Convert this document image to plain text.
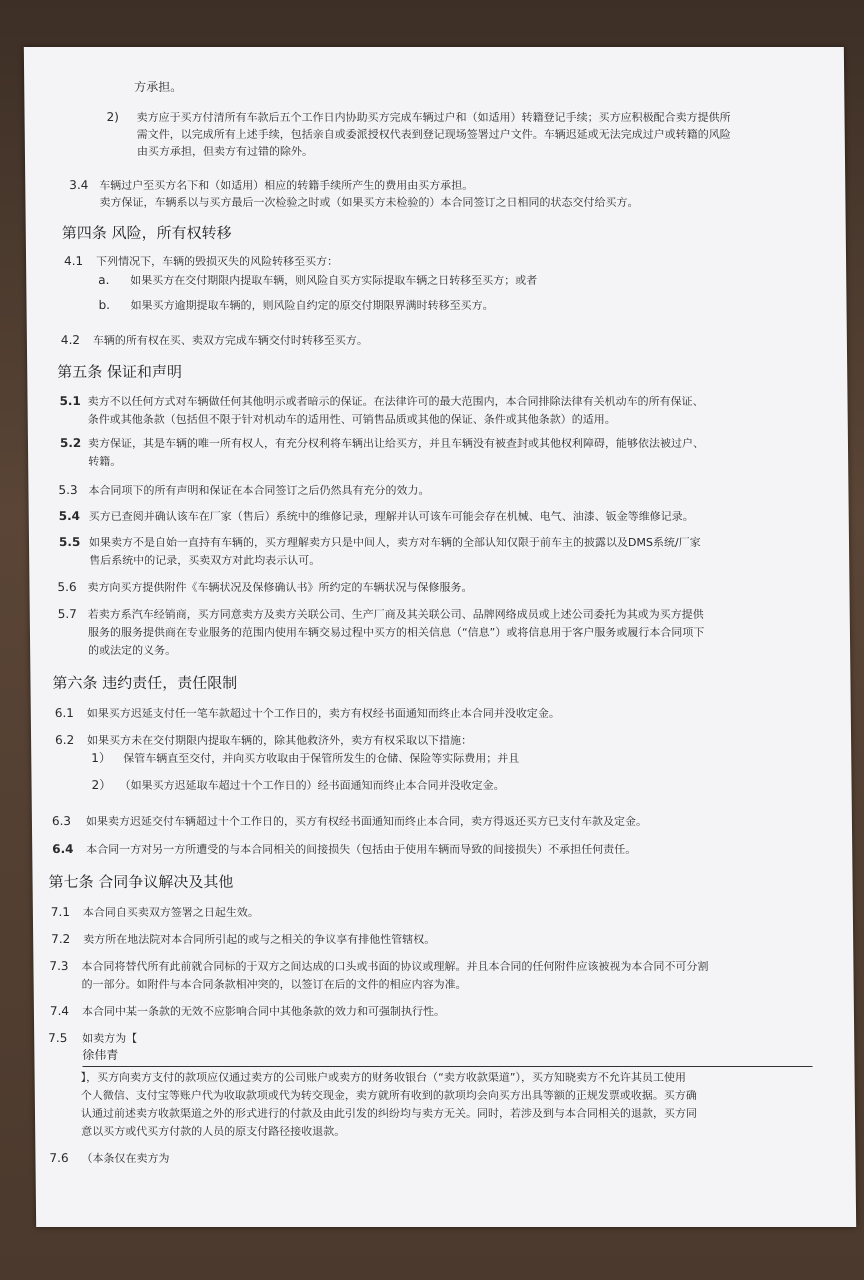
方承担。
2) 卖方应于买方付清所有车款后五个工作日内协助买方完成车辆过户和（如适用）转籍登记手续；买方应积极配合卖方提供所
需文件，以完成所有上述手续，包括亲自或委派授权代表到登记现场签署过户文件。车辆迟延或无法完成过户或转籍的风险
由买方承担，但卖方有过错的除外。
3.4 车辆过户至买方名下和（如适用）相应的转籍手续所产生的费用由买方承担。
卖方保证，车辆系以与买方最后一次检验之时或（如果买方未检验的）本合同签订之日相同的状态交付给买方。
第四条 风险，所有权转移
4.1 下列情况下，车辆的毁损灭失的风险转移至买方：
a. 如果买方在交付期限内提取车辆，则风险自买方实际提取车辆之日转移至买方；或者
b. 如果买方逾期提取车辆的，则风险自约定的原交付期限界满时转移至买方。
4.2 车辆的所有权在买、卖双方完成车辆交付时转移至买方。
第五条 保证和声明
5.1 卖方不以任何方式对车辆做任何其他明示或者暗示的保证。在法律许可的最大范围内，本合同排除法律有关机动车的所有保证、
条件或其他条款（包括但不限于针对机动车的适用性、可销售品质或其他的保证、条件或其他条款）的适用。
5.2 卖方保证，其是车辆的唯一所有权人，有充分权利将车辆出让给买方，并且车辆没有被查封或其他权利障碍，能够依法被过户、
转籍。
5.3 本合同项下的所有声明和保证在本合同签订之后仍然具有充分的效力。
5.4 买方已查阅并确认该车在厂家（售后）系统中的维修记录，理解并认可该车可能会存在机械、电气、油漆、钣金等维修记录。
5.5 如果卖方不是自始一直持有车辆的，买方理解卖方只是中间人，卖方对车辆的全部认知仅限于前车主的披露以及DMS系统/厂家
售后系统中的记录，买卖双方对此均表示认可。
5.6 卖方向买方提供附件《车辆状况及保修确认书》所约定的车辆状况与保修服务。
5.7 若卖方系汽车经销商，买方同意卖方及卖方关联公司、生产厂商及其关联公司、品牌网络成员或上述公司委托为其或为买方提供
服务的服务提供商在专业服务的范围内使用车辆交易过程中买方的相关信息（“信息”）或将信息用于客户服务或履行本合同项下
的或法定的义务。
第六条 违约责任，责任限制
6.1 如果买方迟延支付任一笔车款超过十个工作日的，卖方有权经书面通知而终止本合同并没收定金。
6.2 如果买方未在交付期限内提取车辆的，除其他救济外，卖方有权采取以下措施：
1） 保管车辆直至交付，并向买方收取由于保管所发生的仓储、保险等实际费用；并且
2） （如果买方迟延取车超过十个工作日的）经书面通知而终止本合同并没收定金。
6.3 如果卖方迟延交付车辆超过十个工作日的，买方有权经书面通知而终止本合同，卖方得返还买方已支付车款及定金。
6.4 本合同一方对另一方所遭受的与本合同相关的间接损失（包括由于使用车辆而导致的间接损失）不承担任何责任。
第七条 合同争议解决及其他
7.1 本合同自买卖双方签署之日起生效。
7.2 卖方所在地法院对本合同所引起的或与之相关的争议享有排他性管辖权。
7.3 本合同将替代所有此前就合同标的于双方之间达成的口头或书面的协议或理解。并且本合同的任何附件应该被视为本合同不可分割
的一部分。如附件与本合同条款相冲突的，以签订在后的文件的相应内容为准。
7.4 本合同中某一条款的无效不应影响合同中其他条款的效力和可强制执行性。
7.5 如卖方为【
徐伟青
】，买方向卖方支付的款项应仅通过卖方的公司账户或卖方的财务收银台（“卖方收款渠道”），买方知晓卖方不允许其员工使用
个人微信、支付宝等账户代为收取款项或代为转交现金，卖方就所有收到的款项均会向买方出具等额的正规发票或收据。买方确
认通过前述卖方收款渠道之外的形式进行的付款及由此引发的纠纷均与卖方无关。同时，若涉及到与本合同相关的退款，买方同
意以买方或代买方付款的人员的原支付路径接收退款。
7.6 （本条仅在卖方为
